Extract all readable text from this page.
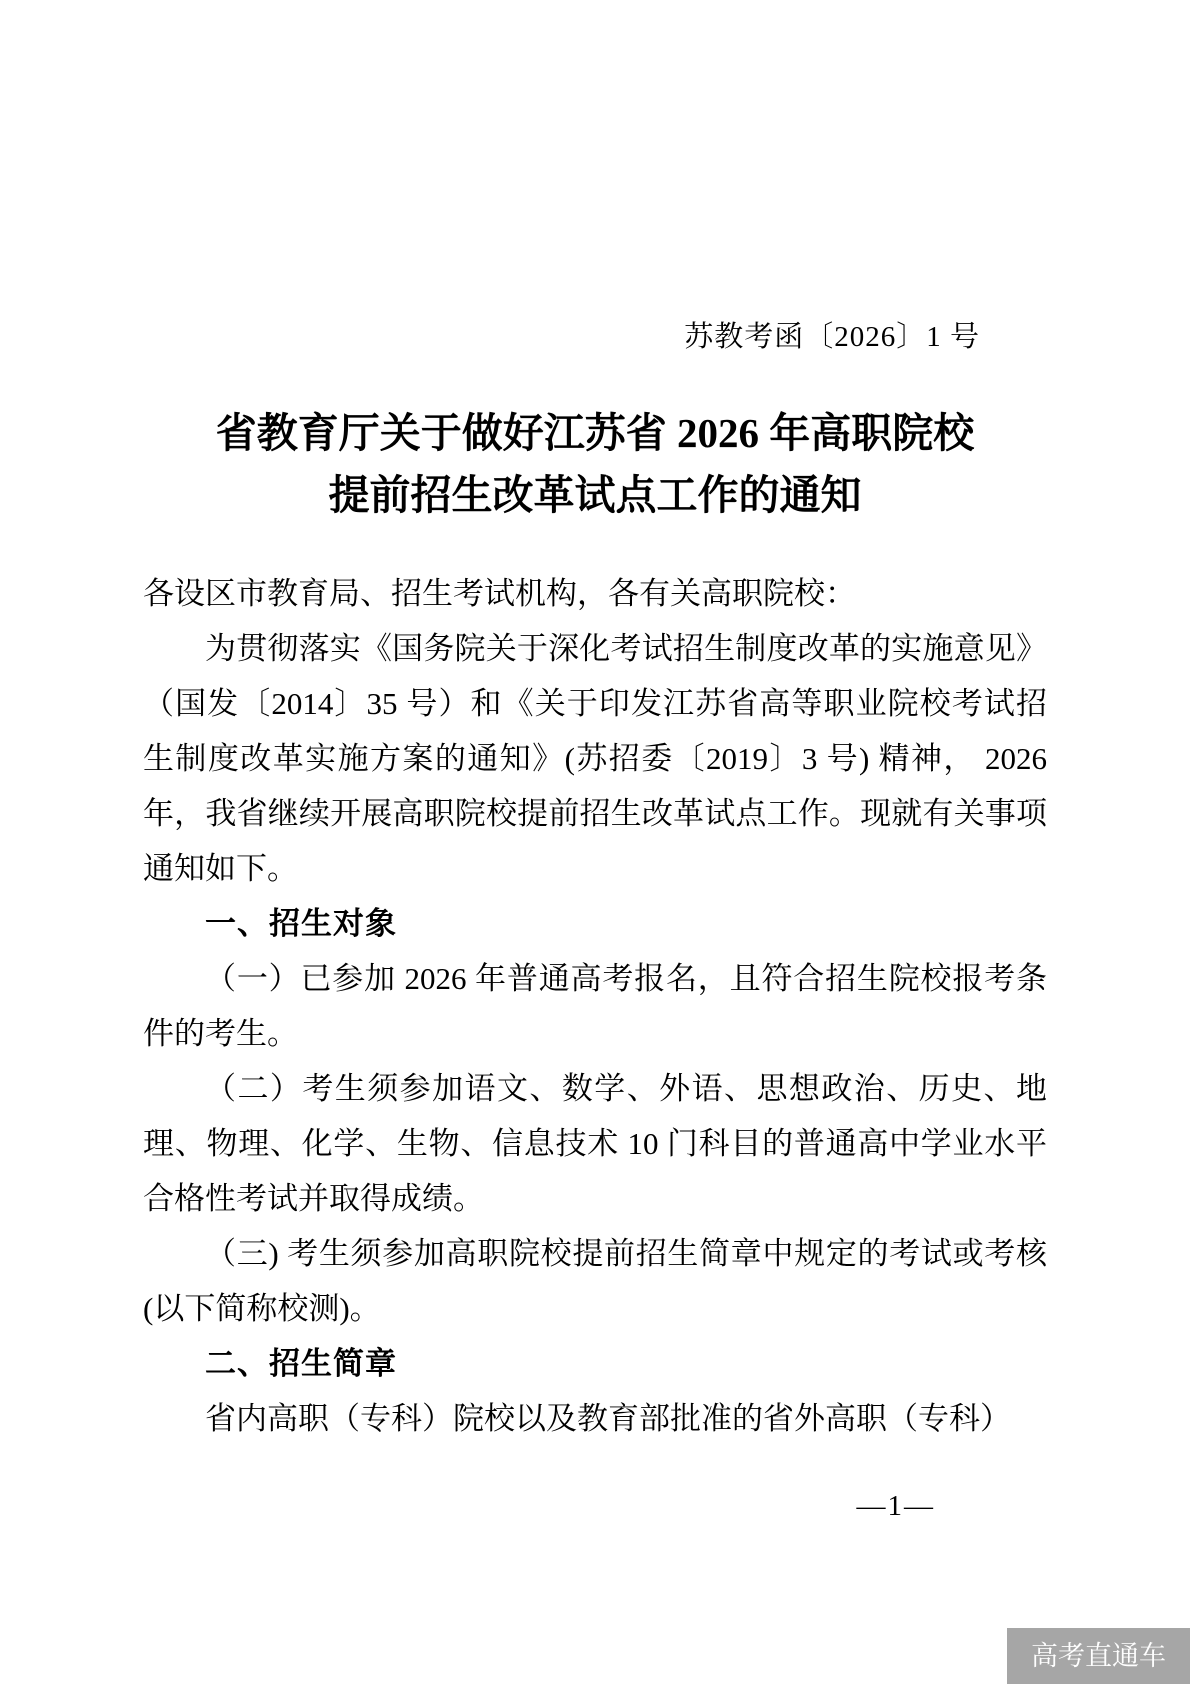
苏教考函〔2026〕1 号
省教育厅关于做好江苏省 2026 年高职院校
提前招生改革试点工作的通知

各设区市教育局、招生考试机构，各有关高职院校：

为贯彻落实《国务院关于深化考试招生制度改革的实施意见》（国发〔2014〕35 号）和《关于印发江苏省高等职业院校考试招生制度改革实施方案的通知》(苏招委〔2019〕3 号) 精神， 2026 年，我省继续开展高职院校提前招生改革试点工作。现就有关事项通知如下。

一、招生对象

（一）已参加 2026 年普通高考报名，且符合招生院校报考条件的考生。

（二）考生须参加语文、数学、外语、思想政治、历史、地理、物理、化学、生物、信息技术 10 门科目的普通高中学业水平合格性考试并取得成绩。

（三) 考生须参加高职院校提前招生简章中规定的考试或考核 (以下简称校测)。

二、招生简章

省内高职（专科）院校以及教育部批准的省外高职（专科）

—1—
高考直通车
